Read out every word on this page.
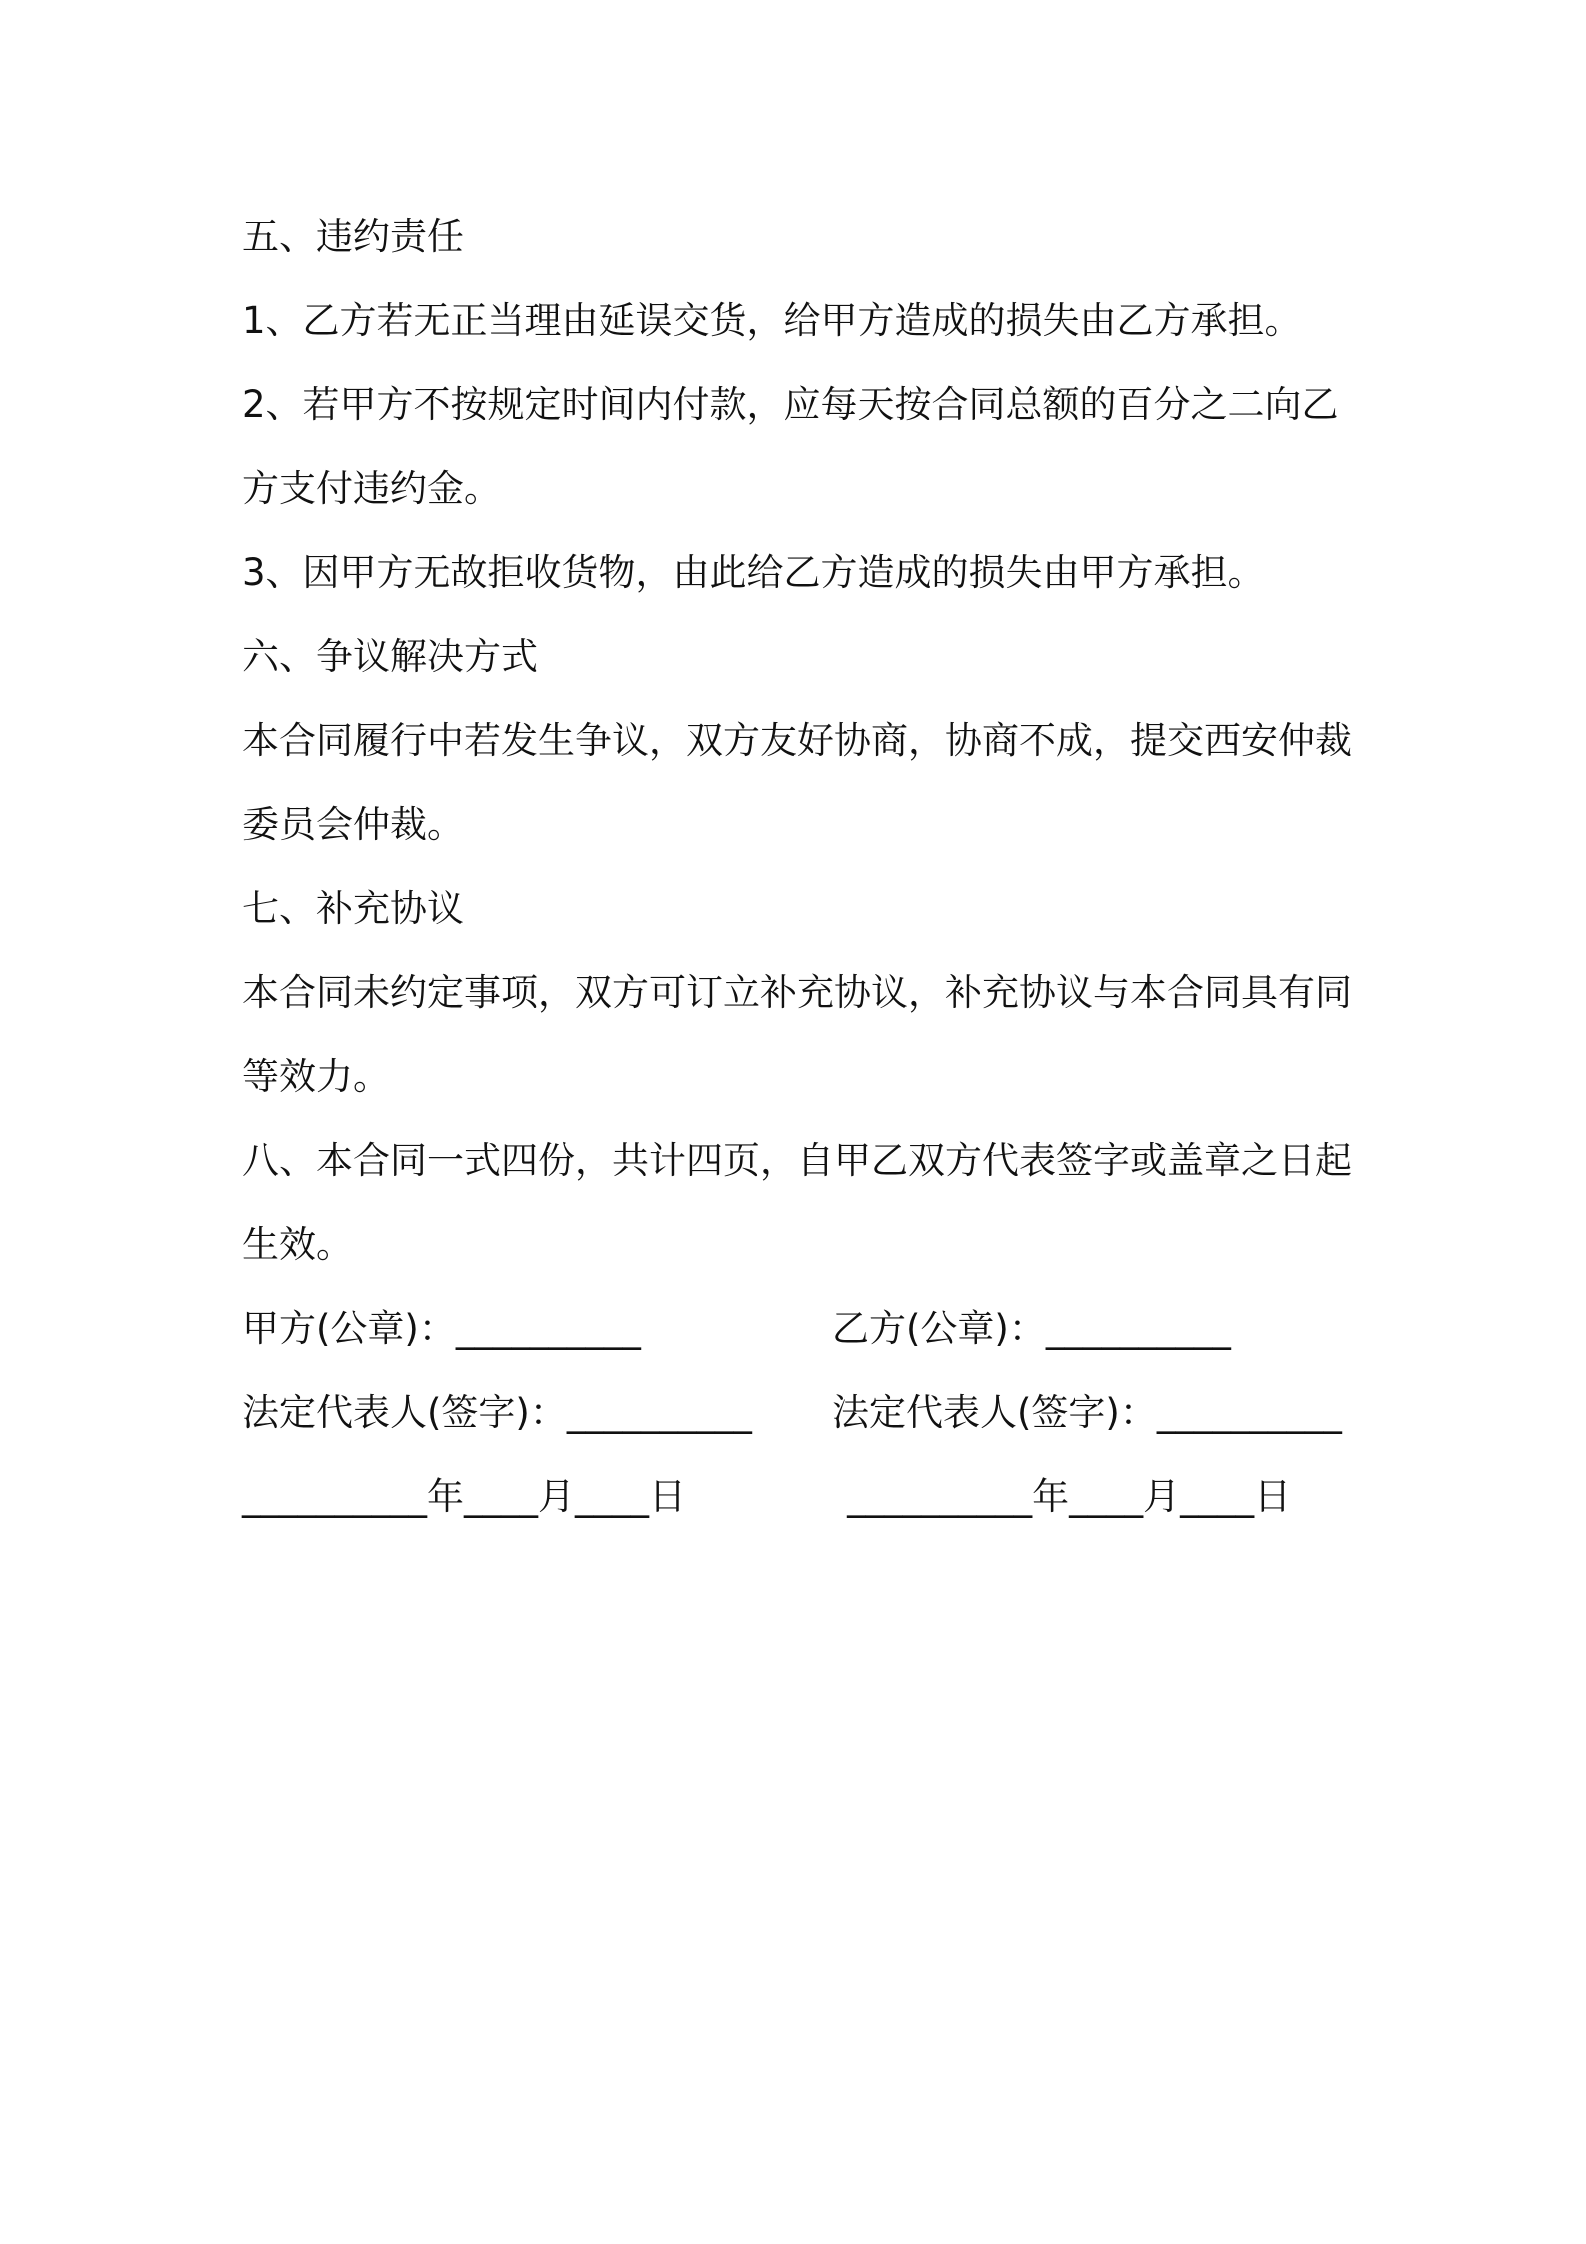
五、违约责任

1、乙方若无正当理由延误交货，给甲方造成的损失由乙方承担。

2、若甲方不按规定时间内付款，应每天按合同总额的百分之二向乙方支付违约金。

3、因甲方无故拒收货物，由此给乙方造成的损失由甲方承担。

六、争议解决方式

本合同履行中若发生争议，双方友好协商，协商不成，提交西安仲裁委员会仲裁。

七、补充协议

本合同未约定事项，双方可订立补充协议，补充协议与本合同具有同等效力。

八、本合同一式四份，共计四页，自甲乙双方代表签字或盖章之日起生效。

甲方(公章)：__________	乙方(公章)：__________
法定代表人(签字)：__________	法定代表人(签字)：__________
__________年____月____日	__________年____月____日
